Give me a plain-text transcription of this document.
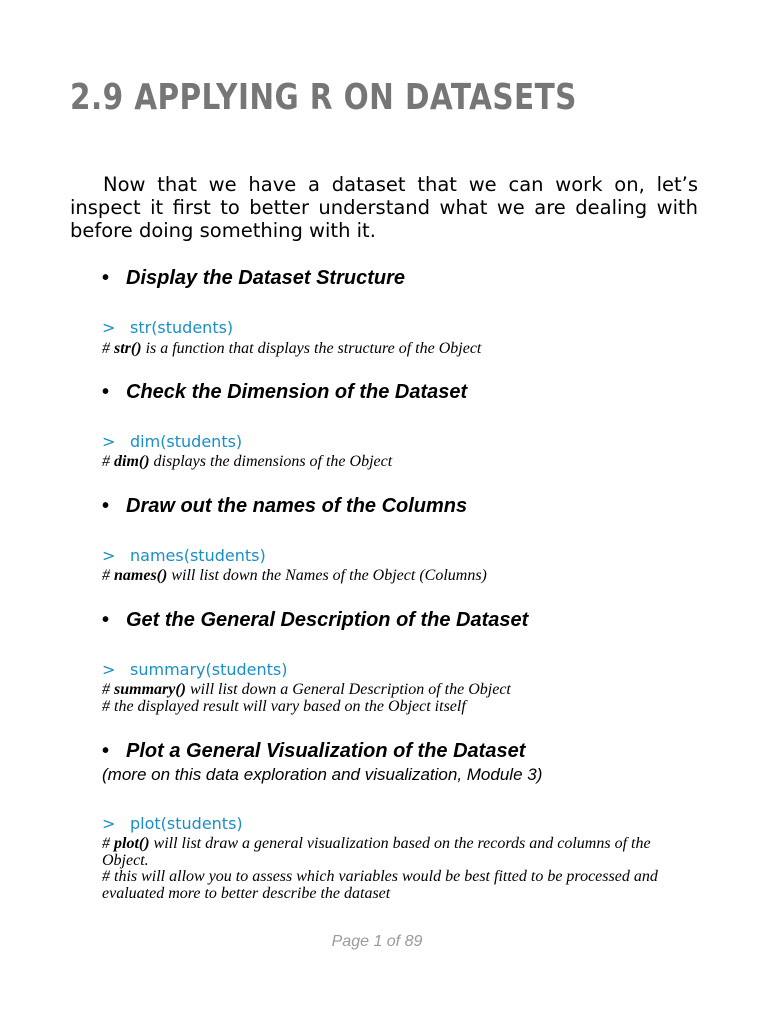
2.9 APPLYING R ON DATASETS

Now that we have a dataset that we can work on, let’s inspect it first to better understand what we are dealing with before doing something with it.

• Display the Dataset Structure

> str(students)

# str() is a function that displays the structure of the Object

• Check the Dimension of the Dataset

> dim(students)

# dim() displays the dimensions of the Object

• Draw out the names of the Columns

> names(students)

# names() will list down the Names of the Object (Columns)

• Get the General Description of the Dataset

> summary(students)

# summary() will list down a General Description of the Object
# the displayed result will vary based on the Object itself

• Plot a General Visualization of the Dataset

(more on this data exploration and visualization, Module 3)

> plot(students)

# plot() will list draw a general visualization based on the records and columns of the Object.
# this will allow you to assess which variables would be best fitted to be processed and evaluated more to better describe the dataset

Page 1 of 89
